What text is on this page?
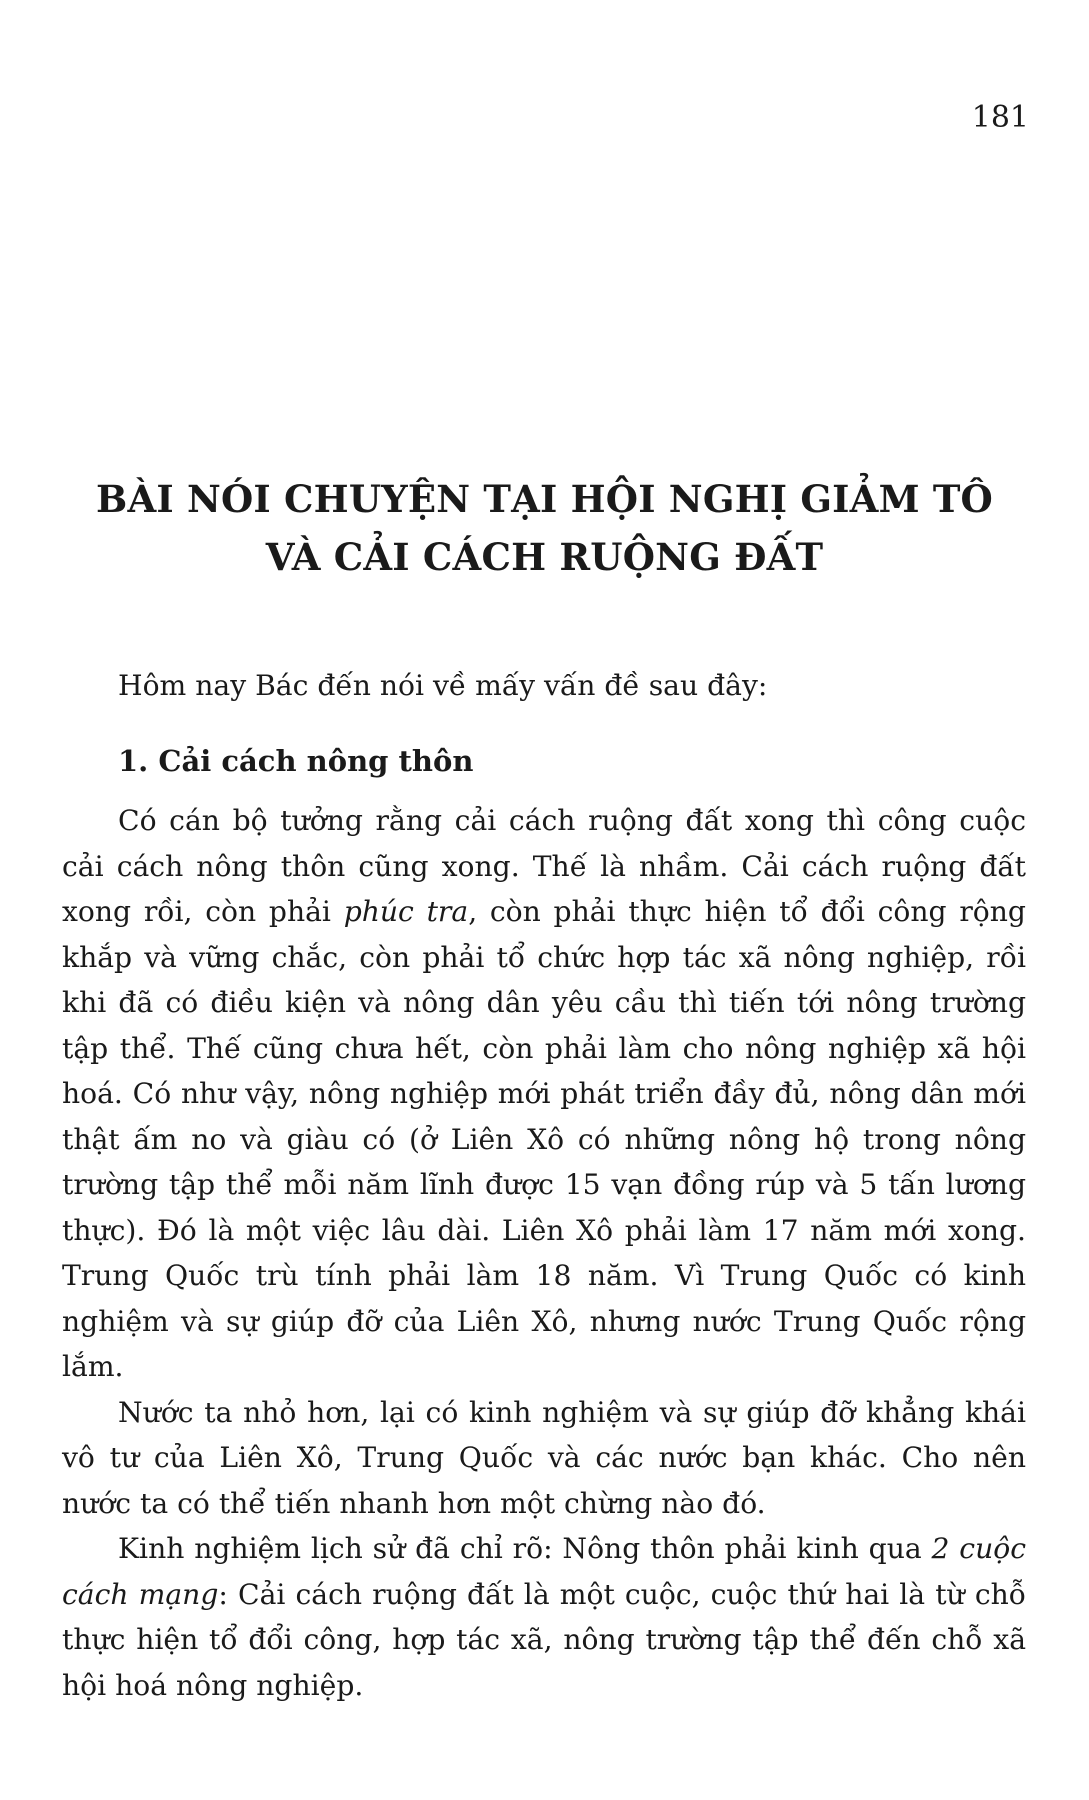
181
BÀI NÓI CHUYỆN TẠI HỘI NGHỊ GIẢM TÔ
VÀ CẢI CÁCH RUỘNG ĐẤT

Hôm nay Bác đến nói về mấy vấn đề sau đây:

1. Cải cách nông thôn

Có cán bộ tưởng rằng cải cách ruộng đất xong thì công cuộc cải cách nông thôn cũng xong. Thế là nhầm. Cải cách ruộng đất xong rồi, còn phải phúc tra, còn phải thực hiện tổ đổi công rộng khắp và vững chắc, còn phải tổ chức hợp tác xã nông nghiệp, rồi khi đã có điều kiện và nông dân yêu cầu thì tiến tới nông trường tập thể. Thế cũng chưa hết, còn phải làm cho nông nghiệp xã hội hoá. Có như vậy, nông nghiệp mới phát triển đầy đủ, nông dân mới thật ấm no và giàu có (ở Liên Xô có những nông hộ trong nông trường tập thể mỗi năm lĩnh được 15 vạn đồng rúp và 5 tấn lương thực). Đó là một việc lâu dài. Liên Xô phải làm 17 năm mới xong. Trung Quốc trù tính phải làm 18 năm. Vì Trung Quốc có kinh nghiệm và sự giúp đỡ của Liên Xô, nhưng nước Trung Quốc rộng lắm.

Nước ta nhỏ hơn, lại có kinh nghiệm và sự giúp đỡ khẳng khái vô tư của Liên Xô, Trung Quốc và các nước bạn khác. Cho nên nước ta có thể tiến nhanh hơn một chừng nào đó.

Kinh nghiệm lịch sử đã chỉ rõ: Nông thôn phải kinh qua 2 cuộc cách mạng: Cải cách ruộng đất là một cuộc, cuộc thứ hai là từ chỗ thực hiện tổ đổi công, hợp tác xã, nông trường tập thể đến chỗ xã hội hoá nông nghiệp.
